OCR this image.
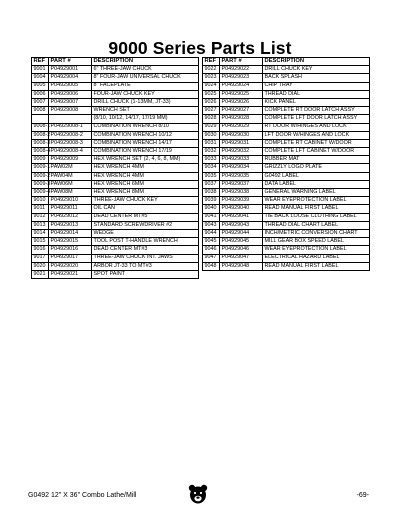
9000 Series Parts List
REF	PART #	DESCRIPTION
9001	P04929001	6" THREE-JAW CHUCK
9004	P04929004	8" FOUR-JAW UNIVERSAL CHUCK
9005	P04929005	8" FACEPLATE
9006	P04929006	FOUR-JAW CHUCK KEY
9007	P04929007	DRILL CHUCK (1-13MM, JT-33)
9008	P04929008	WRENCH SET
		(8/10, 10/12, 14/17, 17/19 MM)
9008-1	P04929008-1	COMBINATION WRENCH 8/10
9008-2	P04929008-2	COMBINATION WRENCH 10/12
9008-3	P04929008-3	COMBINATION WRENCH 14/17
9008-4	P04929008-4	COMBINATION WRENCH 17/19
9009	P04929009	HEX WRENCH SET (2, 4, 6, 8, MM)
9009-1	PAW02M	HEX WRENCH 4MM
9009-2	PAW04M	HEX WRENCH 4MM
9009-3	PAW06M	HEX WRENCH 6MM
9009-4	PAW08M	HEX WRENCH 8MM
9010	P04929010	THREE-JAW CHUCK KEY
9011	P04929011	OIL CAN
9012	P04929012	DEAD CENTER MT#5
9013	P04929013	STANDARD SCREWDRIVER #2
9014	P04929014	WEDGE
9015	P04929015	TOOL POST T-HANDLE WRENCH
9016	P04929016	DEAD CENTER MT#3
9017	P04929017	THREE-JAW CHUCK INT. JAWS
9020	P04929020	ARBOR JT-33 TO MT#3
9021	P04929021	SPOT PAINT
REF	PART #	DESCRIPTION
9022	P04929022	DRILL CHUCK KEY
9023	P04929023	BACK SPLASH
9024	P04929024	CHIP TRAY
9025	P04929025	THREAD DIAL
9026	P04929026	KICK PANEL
9027	P04929027	COMPLETE RT DOOR LATCH ASSY
9028	P04929028	COMPLETE LFT DOOR LATCH ASSY
9029	P04929029	RT DOOR W/HINGES AND LOCK
9030	P04929030	LFT DOOR W/HINGES AND LOCK
9031	P04929031	COMPLETE RT CABINET W/DOOR
9032	P04929032	COMPLETE LFT CABINET W/DOOR
9033	P04929033	RUBBER MAT
9034	P04929034	GRIZZLY LOGO PLATE
9035	P04929035	G0492 LABEL
9037	P04929037	DATA LABEL
9038	P04929038	GENERAL WARNING LABEL
9039	P04929039	WEAR EYEPROTECTION LABEL
9040	P04929040	READ MANUAL FIRST LABEL
9041	P04929041	TIE BACK LOOSE CLOTHING LABEL
9043	P04929043	THREAD DIAL CHART LABEL
9044	P04929044	INCH/METRIC CONVERSION CHART
9045	P04929045	MILL GEAR BOX SPEED LABEL
9046	P04929046	WEAR EYEPROTECTION LABEL
9047	P04929047	ELECTRICAL HAZARD LABEL
9048	P04929048	READ MANUAL FIRST LABEL
G0492 12" X 36" Combo Lathe/Mill	-69-
